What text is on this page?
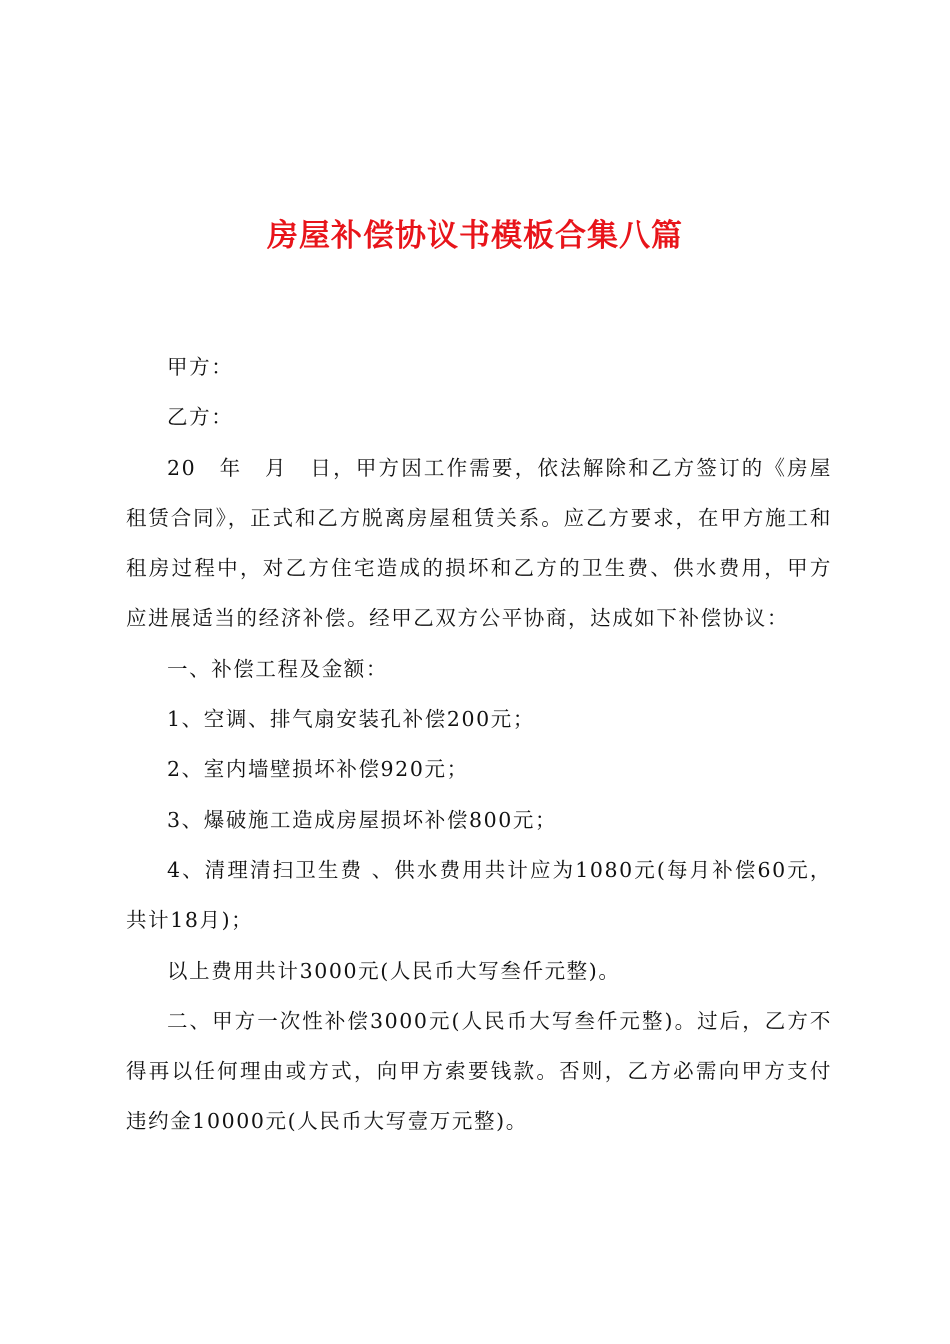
房屋补偿协议书模板合集八篇

甲方：

乙方：

20　年　月　日，甲方因工作需要，依法解除和乙方签订的《房屋租赁合同》，正式和乙方脱离房屋租赁关系。应乙方要求，在甲方施工和租房过程中，对乙方住宅造成的损坏和乙方的卫生费、供水费用，甲方应进展适当的经济补偿。经甲乙双方公平协商，达成如下补偿协议：

一、补偿工程及金额：

1、空调、排气扇安装孔补偿200元；

2、室内墙壁损坏补偿920元；

3、爆破施工造成房屋损坏补偿800元；

4、清理清扫卫生费 、供水费用共计应为1080元(每月补偿60元，共计18月)；

以上费用共计3000元(人民币大写叁仟元整)。

二、甲方一次性补偿3000元(人民币大写叁仟元整)。过后，乙方不得再以任何理由或方式，向甲方索要钱款。否则，乙方必需向甲方支付违约金10000元(人民币大写壹万元整)。
